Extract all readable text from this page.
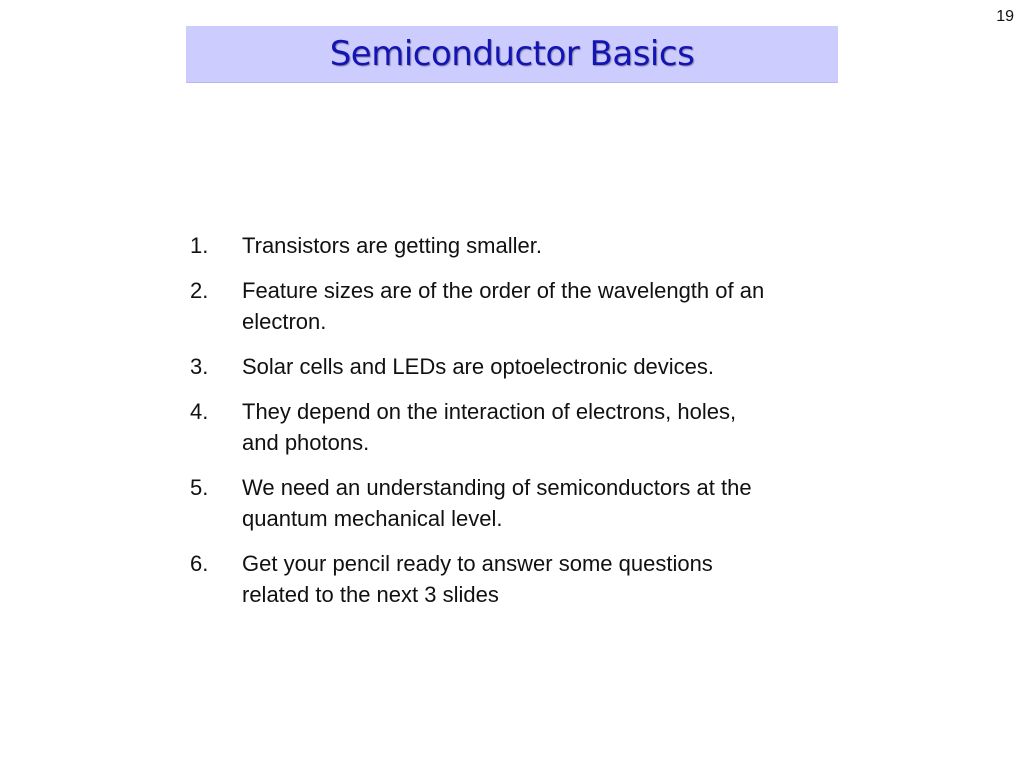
19
Semiconductor Basics
1.	Transistors are getting smaller.
2.	Feature sizes are of the order of the wavelength of an electron.
3.	Solar cells and LEDs are optoelectronic devices.
4.	They depend on the interaction of electrons, holes, and photons.
5.	We need an understanding of semiconductors at the quantum mechanical level.
6.	Get your pencil ready to answer some questions related to the next 3 slides
